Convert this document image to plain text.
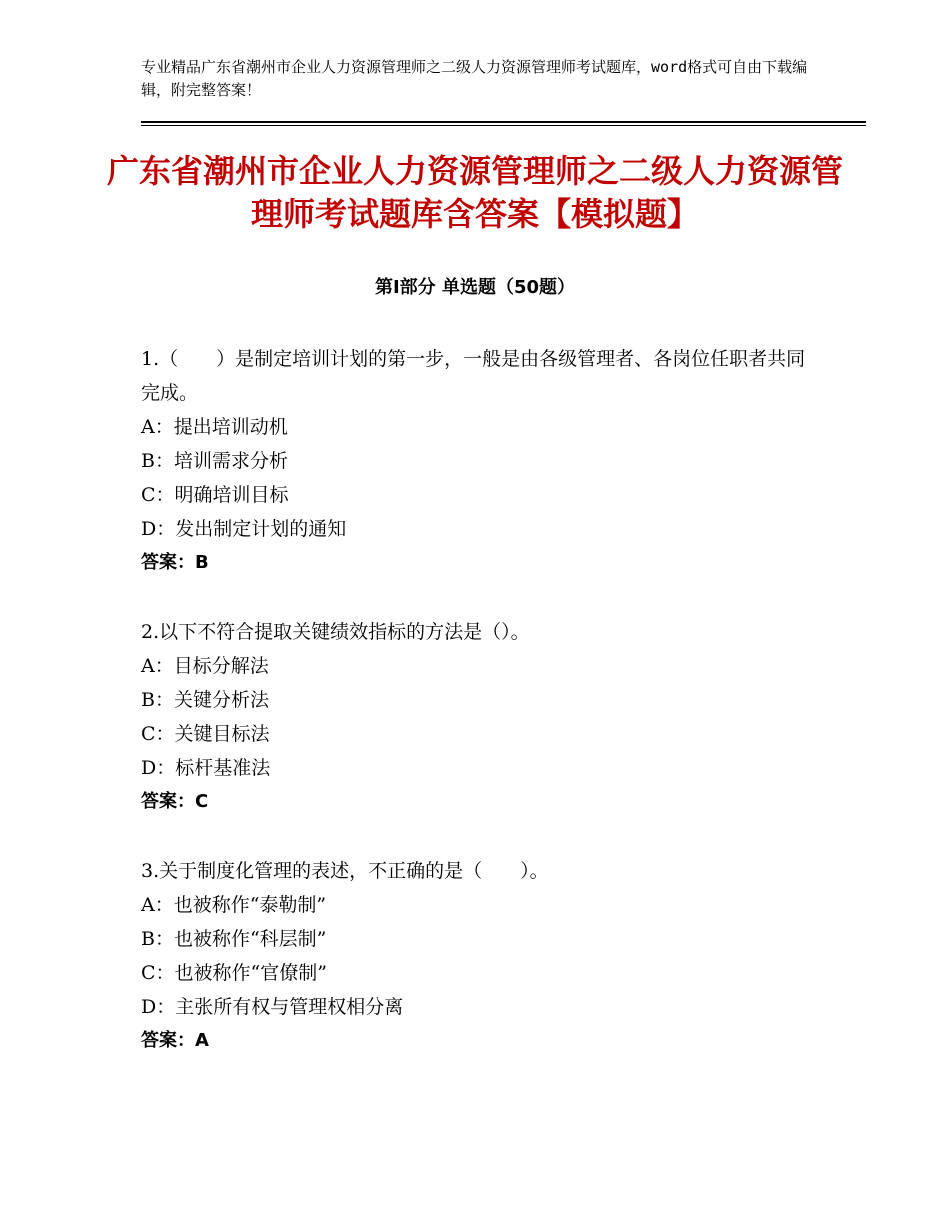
专业精品广东省潮州市企业人力资源管理师之二级人力资源管理师考试题库，word格式可自由下载编辑，附完整答案！
广东省潮州市企业人力资源管理师之二级人力资源管理师考试题库含答案【模拟题】
第Ⅰ部分 单选题（50题）

1.（　　）是制定培训计划的第一步，一般是由各级管理者、各岗位任职者共同完成。

A：提出培训动机

B：培训需求分析

C：明确培训目标

D：发出制定计划的通知

答案：B

2.以下不符合提取关键绩效指标的方法是（）。

A：目标分解法

B：关键分析法

C：关键目标法

D：标杆基准法

答案：C

3.关于制度化管理的表述，不正确的是（　　）。

A：也被称作“泰勒制”

B：也被称作“科层制”

C：也被称作“官僚制”

D：主张所有权与管理权相分离

答案：A
